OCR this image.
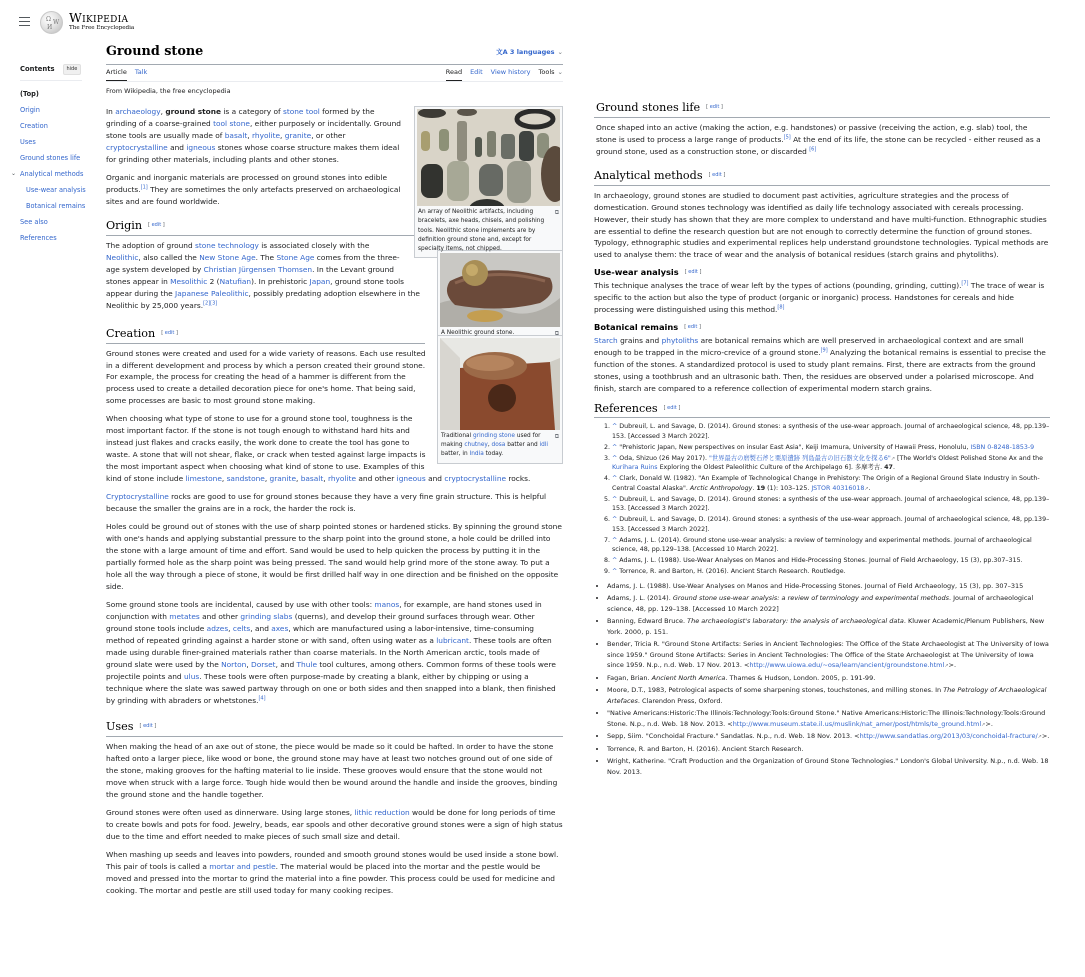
Ω W
И
Wikipedia
The Free Encyclopedia
Contents	hide
(Top)
Origin
Creation
Uses
Ground stones life
⌄ Analytical methods
Use-wear analysis
Botanical remains
See also
References
Ground stone	文A 3 languages ⌄
Article Talk	Read Edit View history Tools ⌄
From Wikipedia, the free encyclopedia
⧉
An array of Neolithic artifacts, including bracelets, axe heads, chisels, and polishing tools. Neolithic stone implements are by definition ground stone and, except for specialty items, not chipped.

In archaeology, ground stone is a category of stone tool formed by the grinding of a coarse-grained tool stone, either purposely or incidentally. Ground stone tools are usually made of basalt, rhyolite, granite, or other cryptocrystalline and igneous stones whose coarse structure makes them ideal for grinding other materials, including plants and other stones.

Organic and inorganic materials are processed on ground stones into edible products.[1] They are sometimes the only artefacts preserved on archaeological sites and are found worldwide.

Origin [ edit ]
⧉
A Neolithic ground stone.

The adoption of ground stone technology is associated closely with the Neolithic, also called the New Stone Age. The Stone Age comes from the three-age system developed by Christian Jürgensen Thomsen. In the Levant ground stones appear in Mesolithic 2 (Natufian). In prehistoric Japan, ground stone tools appear during the Japanese Paleolithic, possibly predating adoption elsewhere in the Neolithic by 25,000 years.[2][3]

Creation [ edit ]
⧉
Traditional grinding stone used for making chutney, dosa batter and idli batter, in India today.

Ground stones were created and used for a wide variety of reasons. Each use resulted in a different development and process by which a person created their ground stone. For example, the process for creating the head of a hammer is different from the process used to create a detailed decoration piece for one's home. That being said, some processes are basic to most ground stone making.

When choosing what type of stone to use for a ground stone tool, toughness is the most important factor. If the stone is not tough enough to withstand hard hits and instead just flakes and cracks easily, the work done to create the tool has gone to waste. A stone that will not shear, flake, or crack when tested against large impacts is the most important aspect when choosing what kind of stone to use. Examples of this kind of stone include limestone, sandstone, granite, basalt, rhyolite and other igneous and cryptocrystalline rocks.

Cryptocrystalline rocks are good to use for ground stones because they have a very fine grain structure. This is helpful because the smaller the grains are in a rock, the harder the rock is.

Holes could be ground out of stones with the use of sharp pointed stones or hardened sticks. By spinning the ground stone with one's hands and applying substantial pressure to the sharp point into the ground stone, a hole could be drilled into the stone with a large amount of time and effort. Sand would be used to help quicken the process by putting it in the partially formed hole as the sharp point was being pressed. The sand would help grind more of the stone away. To put a hole all the way through a piece of stone, it would be first drilled half way in one direction and be finished on the opposite side.

Some ground stone tools are incidental, caused by use with other tools: manos, for example, are hand stones used in conjunction with metates and other grinding slabs (querns), and develop their ground surfaces through wear. Other ground stone tools include adzes, celts, and axes, which are manufactured using a labor-intensive, time-consuming method of repeated grinding against a harder stone or with sand, often using water as a lubricant. These tools are often made using durable finer-grained materials rather than coarse materials. In the North American arctic, tools made of ground slate were used by the Norton, Dorset, and Thule tool cultures, among others. Common forms of these tools were projectile points and ulus. These tools were often purpose-made by creating a blank, either by chipping or using a technique where the slate was sawed partway through on one or both sides and then snapped into a blank, then finished by grinding with abraders or whetstones.[4]

Uses [ edit ]

When making the head of an axe out of stone, the piece would be made so it could be hafted. In order to have the stone hafted onto a larger piece, like wood or bone, the ground stone may have at least two notches ground out of one side of the stone, making grooves for the hafting material to lie inside. These grooves would ensure that the stone would not move when struck with a large force. Tough hide would then be wound around the handle and inside the grooves, binding the ground stone and the handle together.

Ground stones were often used as dinnerware. Using large stones, lithic reduction would be done for long periods of time to create bowls and pots for food. Jewelry, beads, ear spools and other decorative ground stones were a sign of high status due to the time and effort needed to make pieces of such small size and detail.

When mashing up seeds and leaves into powders, rounded and smooth ground stones would be used inside a stone bowl. This pair of tools is called a mortar and pestle. The material would be placed into the mortar and the pestle would be moved and pressed into the mortar to grind the material into a fine powder. This process could be used for medicine and cooking. The mortar and pestle are still used today for many cooking recipes.

Ground stones life [ edit ]

Once shaped into an active (making the action, e.g. handstones) or passive (receiving the action, e.g. slab) tool, the stone is used to process a large range of products.[5] At the end of its life, the stone can be recycled - either reused as a ground stone, used as a construction stone, or discarded [6]

Analytical methods [ edit ]

In archaeology, ground stones are studied to document past activities, agriculture strategies and the process of domestication. Ground stones technology was identified as daily life technology associated with cereals processing. However, their study has shown that they are more complex to understand and have multi-function. Ethnographic studies are essential to define the research question but are not enough to correctly determine the function of ground stones. Typology, ethnographic studies and experimental replices help understand groundstone technologies. Typical methods are used to analyse them: the trace of wear and the analysis of botanical residues (starch grains and phytoliths).

Use-wear analysis [ edit ]

This technique analyses the trace of wear left by the types of actions (pounding, grinding, cutting).[7] The trace of wear is specific to the action but also the type of product (organic or inorganic) process. Handstones for cereals and hide processing were distinguished using this method.[8]

Botanical remains [ edit ]

Starch grains and phytoliths are botanical remains which are well preserved in archaeological context and are small enough to be trapped in the micro-crevice of a ground stone.[9] Analyzing the botanical remains is essential to precise the function of the stones. A standardized protocol is used to study plant remains. First, there are extracts from the ground stones, using a toothbrush and an ultrasonic bath. Then, the residues are observed under a polarised microscope. And finish, starch are compared to a reference collection of experimental modern starch grains.

References [ edit ]
1. ^ Dubreuil, L. and Savage, D. (2014). Ground stones: a synthesis of the use-wear approach. Journal of archaeological science, 48, pp.139–153. [Accessed 3 March 2022].
2. ^ "Prehistoric Japan, New perspectives on insular East Asia", Keiji Imamura, University of Hawaii Press, Honolulu, ISBN 0-8248-1853-9
3. ^ Oda, Shizuo (26 May 2017). "世界最古の磨製石斧と栗原遺跡 列島最古の旧石器文化を探る6"↗ [The World's Oldest Polished Stone Ax and the Kurihara Ruins Exploring the Oldest Paleolithic Culture of the Archipelago 6]. 多摩考古. 47.
4. ^ Clark, Donald W. (1982). "An Example of Technological Change in Prehistory: The Origin of a Regional Ground Slate Industry in South-Central Coastal Alaska". Arctic Anthropology. 19 (1): 103–125. JSTOR 40316018↗.
5. ^ Dubreuil, L. and Savage, D. (2014). Ground stones: a synthesis of the use-wear approach. Journal of archaeological science, 48, pp.139–153. [Accessed 3 March 2022].
6. ^ Dubreuil, L. and Savage, D. (2014). Ground stones: a synthesis of the use-wear approach. Journal of archaeological science, 48, pp.139–153. [Accessed 3 March 2022].
7. ^ Adams, J. L. (2014). Ground stone use-wear analysis: a review of terminology and experimental methods. Journal of archaeological science, 48, pp.129–138. [Accessed 10 March 2022].
8. ^ Adams, J. L. (1988). Use-Wear Analyses on Manos and Hide-Processing Stones. Journal of Field Archaeology, 15 (3), pp.307–315.
9. ^ Torrence, R. and Barton, H. (2016). Ancient Starch Research. Routledge.
• Adams, J. L. (1988). Use-Wear Analyses on Manos and Hide-Processing Stones. Journal of Field Archaeology, 15 (3), pp. 307–315
• Adams, J. L. (2014). Ground stone use-wear analysis: a review of terminology and experimental methods. Journal of archaeological science, 48, pp. 129–138. [Accessed 10 March 2022]
• Banning, Edward Bruce. The archaeologist's laboratory: the analysis of archaeological data. Kluwer Academic/Plenum Publishers, New York. 2000, p. 151.
• Bender, Tricia R. "Ground Stone Artifacts: Series in Ancient Technologies: The Office of the State Archaeologist at The University of Iowa since 1959." Ground Stone Artifacts: Series in Ancient Technologies: The Office of the State Archaeologist at The University of Iowa since 1959. N.p., n.d. Web. 17 Nov. 2013. <http://www.uiowa.edu/~osa/learn/ancient/groundstone.html↗>.
• Fagan, Brian. Ancient North America. Thames & Hudson, London. 2005, p. 191-99.
• Moore, D.T., 1983, Petrological aspects of some sharpening stones, touchstones, and milling stones. In The Petrology of Archaeological Artefaces. Clarendon Press, Oxford.
• "Native Americans:Historic:The Illinois:Technology:Tools:Ground Stone." Native Americans:Historic:The Illinois:Technology:Tools:Ground Stone. N.p., n.d. Web. 18 Nov. 2013. <http://www.museum.state.il.us/muslink/nat_amer/post/htmls/te_ground.html↗>.
• Sepp, Siim. "Conchoidal Fracture." Sandatlas. N.p., n.d. Web. 18 Nov. 2013. <http://www.sandatlas.org/2013/03/conchoidal-fracture/↗>.
• Torrence, R. and Barton, H. (2016). Ancient Starch Research.
• Wright, Katherine. "Craft Production and the Organization of Ground Stone Technologies." London's Global University. N.p., n.d. Web. 18 Nov. 2013.
